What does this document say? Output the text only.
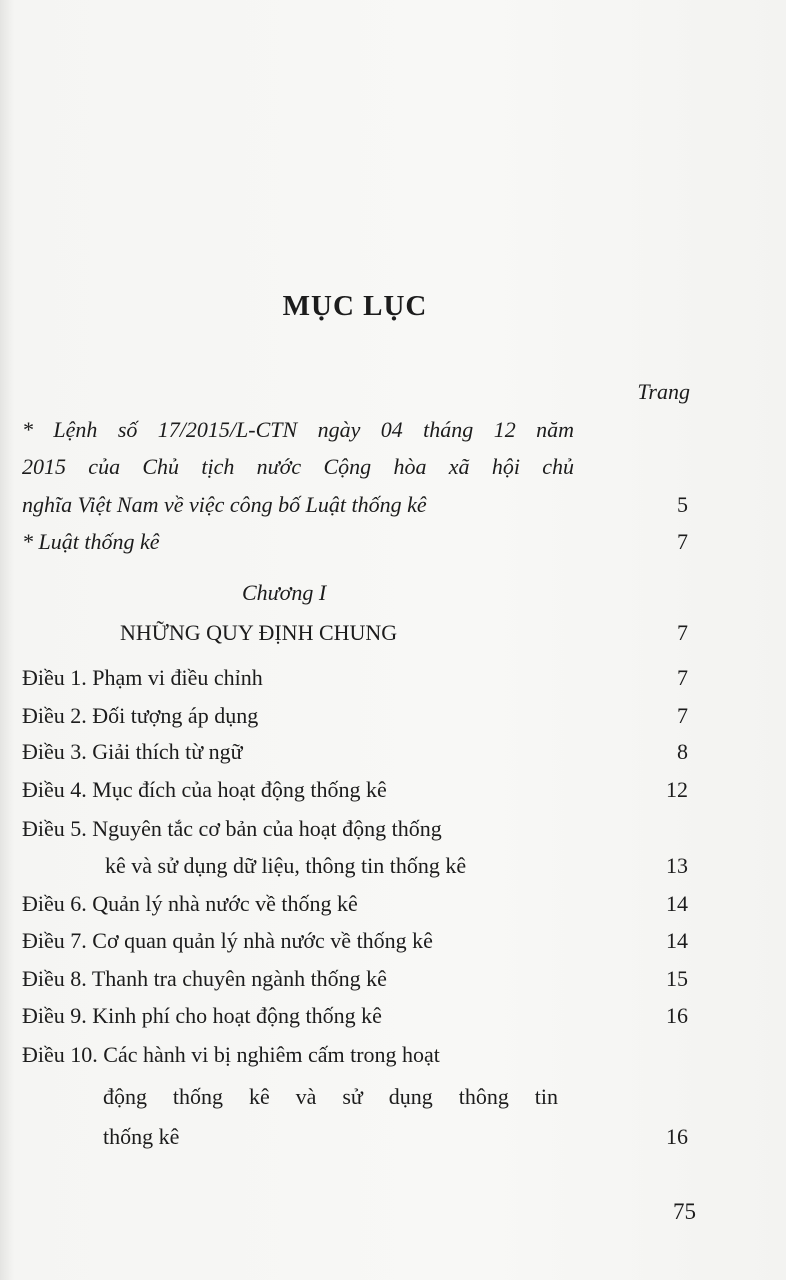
MỤC LỤC
Trang
* Lệnh số 17/2015/L-CTN ngày 04 tháng 12 năm
2015 của Chủ tịch nước Cộng hòa xã hội chủ
nghĩa Việt Nam về việc công bố Luật thống kê	5
* Luật thống kê	7
Chương I
NHỮNG QUY ĐỊNH CHUNG	7
Điều 1. Phạm vi điều chỉnh	7
Điều 2. Đối tượng áp dụng	7
Điều 3. Giải thích từ ngữ	8
Điều 4. Mục đích của hoạt động thống kê	12
Điều 5. Nguyên tắc cơ bản của hoạt động thống
kê và sử dụng dữ liệu, thông tin thống kê	13
Điều 6. Quản lý nhà nước về thống kê	14
Điều 7. Cơ quan quản lý nhà nước về thống kê	14
Điều 8. Thanh tra chuyên ngành thống kê	15
Điều 9. Kinh phí cho hoạt động thống kê	16
Điều 10. Các hành vi bị nghiêm cấm trong hoạt
động thống kê và sử dụng thông tin
thống kê	16
75
